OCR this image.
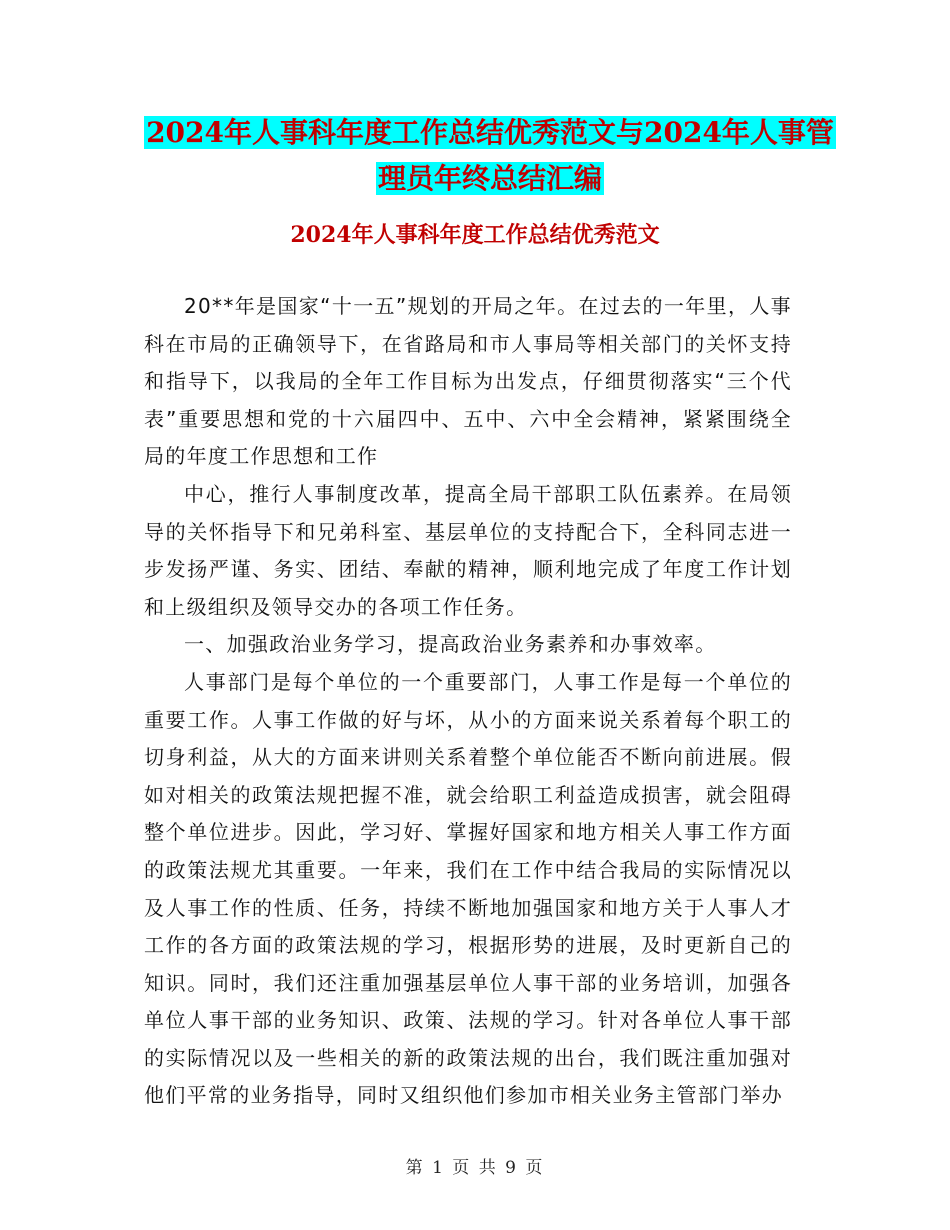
2024年人事科年度工作总结优秀范文与2024年人事管
理员年终总结汇编
2024年人事科年度工作总结优秀范文

20**年是国家“十一五”规划的开局之年。在过去的一年里，人事科在市局的正确领导下，在省路局和市人事局等相关部门的关怀支持和指导下，以我局的全年工作目标为出发点，仔细贯彻落实“三个代表”重要思想和党的十六届四中、五中、六中全会精神，紧紧围绕全局的年度工作思想和工作

中心，推行人事制度改革，提高全局干部职工队伍素养。在局领导的关怀指导下和兄弟科室、基层单位的支持配合下，全科同志进一步发扬严谨、务实、团结、奉献的精神，顺利地完成了年度工作计划和上级组织及领导交办的各项工作任务。

一、加强政治业务学习，提高政治业务素养和办事效率。

人事部门是每个单位的一个重要部门，人事工作是每一个单位的重要工作。人事工作做的好与坏，从小的方面来说关系着每个职工的切身利益，从大的方面来讲则关系着整个单位能否不断向前进展。假如对相关的政策法规把握不准，就会给职工利益造成损害，就会阻碍整个单位进步。因此，学习好、掌握好国家和地方相关人事工作方面的政策法规尤其重要。一年来，我们在工作中结合我局的实际情况以及人事工作的性质、任务，持续不断地加强国家和地方关于人事人才工作的各方面的政策法规的学习，根据形势的进展，及时更新自己的知识。同时，我们还注重加强基层单位人事干部的业务培训，加强各单位人事干部的业务知识、政策、法规的学习。针对各单位人事干部的实际情况以及一些相关的新的政策法规的出台，我们既注重加强对他们平常的业务指导，同时又组织他们参加市相关业务主管部门举办

第 1 页 共 9 页
